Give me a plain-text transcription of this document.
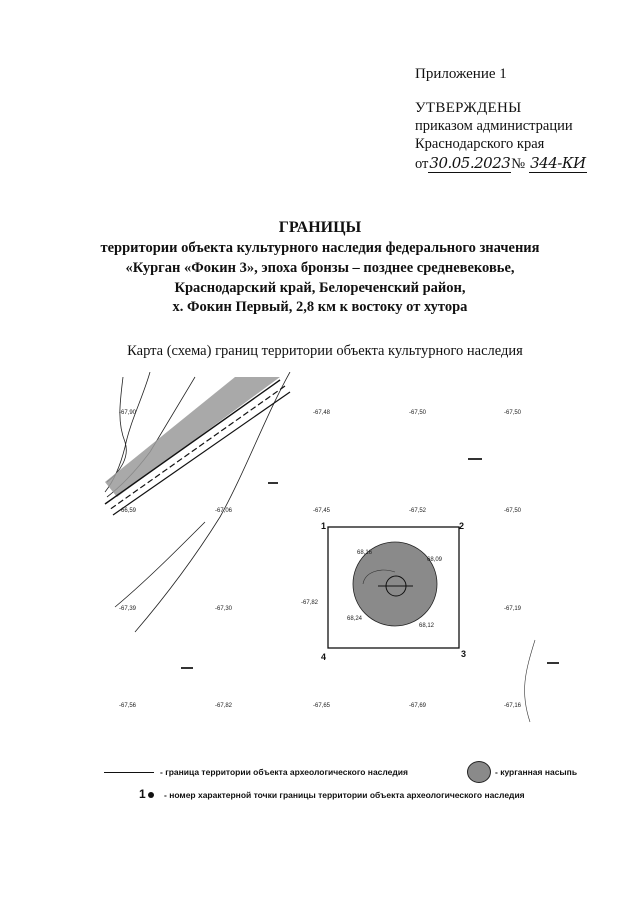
Приложение 1
УТВЕРЖДЕНЫ
приказом администрации
Краснодарского края
от30.05.2023№ 344-КИ
ГРАНИЦЫ
территории объекта культурного наследия федерального значения
«Курган «Фокин 3», эпоха бронзы – позднее средневековье,
Краснодарский край, Белореченский район,
х. Фокин Первый, 2,8 км к востоку от хутора
Карта (схема) границ территории объекта культурного наследия
-67,90	-67,48	-67,50	-67,50
-66,59	-67,06	-67,45	-67,52	-67,50
-67,39	-67,30
-67,82
-67,19
-67,56	-67,82	-67,65	-67,69	-67,16
68,16
68,09
68,24
68,12
1	2
3
4
- граница территории объекта археологического наследия	- курганная насыпь
1 - номер характерной точки границы территории объекта археологического наследия
